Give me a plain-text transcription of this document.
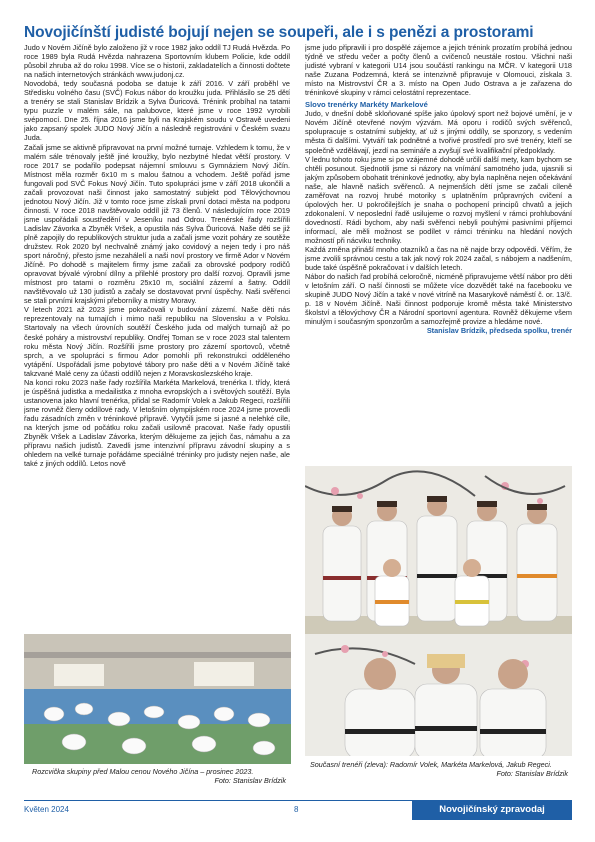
Novojičínští judisté bojují nejen se soupeři, ale i s penězi a prostorami

Judo v Novém Jičíně bylo založeno již v roce 1982 jako oddíl TJ Rudá Hvězda. Po roce 1989 byla Rudá Hvězda nahrazena Sportovním klubem Policie, kde oddíl působil zhruba až do roku 1998. Více se o historii, zakladatelích a činnosti dočtete na našich internetových stránkách www.judonj.cz.

Novodobá, tedy současná podoba se datuje k září 2016. V září proběhl ve Středisku volného času (SVČ) Fokus nábor do kroužku juda. Přihlásilo se 25 dětí a trenéry se stali Stanislav Brídzik a Sylva Ďuricová. Trénink probíhal na tatami typu puzzle v malém sále, na palubovce, které jsme v roce 1992 vyrobili svépomocí. Dne 25. října 2016 jsme byli na Krajském soudu v Ostravě uvedeni jako zapsaný spolek JUDO Nový Jičín a následně registrováni v Českém svazu Juda.

Začali jsme se aktivně připravovat na první možné turnaje. Vzhledem k tomu, že v malém sále trénovaly ještě jiné kroužky, bylo nezbytné hledat větší prostory. V roce 2017 se podařilo podepsat nájemní smlouvu s Gymnáziem Nový Jičín. Místnost měla rozměr 6x10 m s malou šatnou a vchodem. Ještě pořád jsme fungovali pod SVČ Fokus Nový Jičín. Tuto spolupráci jsme v září 2018 ukončili a začali provozovat naši činnost jako samostatný subjekt pod Tělovýchovnou jednotou Nový Jičín. Již v tomto roce jsme získali první dotaci města na podporu činnosti. V roce 2018 navštěvovalo oddíl již 73 členů. V následujícím roce 2019 jsme uspořádali soustředění v Jeseníku nad Odrou. Trenérské řady rozšířili Ladislav Závorka a Zbyněk Vršek, a opustila nás Sylva Ďuricová. Naše děti se již plně zapojily do republikových struktur juda a začali jsme vozit poháry ze soutěže družstev. Rok 2020 byl nechvalně známý jako covidový a nejen tedy i pro náš sport náročný, přesto jsme nezahálelí a naši noví prostory ve firmě Ador v Novém Jičíně. Po dohodě s majitelem firmy jsme začali za obrovské podpory rodičů opravovat bývalé výrobní dílny a přilehlé prostory pro další rozvoj. Opravili jsme místnost pro tatami o rozměru 25x10 m, sociální zázemí a šatny. Oddíl navštěvovalo už 130 judistů a začaly se dostavovat první úspěchy. Naši svěřenci se stali prvními krajskými přeborníky a mistry Moravy.

V letech 2021 až 2023 jsme pokračovali v budování zázemí. Naše děti nás reprezentovaly na turnajích i mimo naši republiku na Slovensku a v Polsku. Startovaly na všech úrovních soutěží Českého juda od malých turnajů až po české poháry a mistrovství republiky. Ondřej Toman se v roce 2023 stal talentem roku města Nový Jičín. Rozšířili jsme prostory pro zázemí sportovců, včetně sprch, a ve spolupráci s firmou Ador pomohli při rekonstrukci odděleného vytápění. Uspořádali jsme pobytové tábory pro naše děti a v Novém Jičíně také takzvané Malé ceny za účasti oddílů nejen z Moravskoslezského kraje.

Na konci roku 2023 naše řady rozšířila Markéta Markelová, trenérka I. třídy, která je úspěšná judistka a medailistka z mnoha evropských a i světových soutěží. Byla ustanovena jako hlavní trenérka, přidal se Radomír Volek a Jakub Regeci, rozšířili jsme rovněž členy oddílové rady. V letošním olympijském roce 2024 jsme provedli řadu zásadních změn v tréninkové přípravě. Vytyčili jsme si jasné a nelehké cíle, na kterých jsme od počátku roku začali usilovně pracovat. Naše řady opustili Zbyněk Vršek a Ladislav Závorka, kterým děkujeme za jejich čas, námahu a za přípravu našich judistů. Zavedli jsme intenzivní přípravu závodní skupiny a s ohledem na velké turnaje pořádáme speciálné tréninky pro judisty nejen naše, ale také z jiných oddílů. Letos nově

jsme judo připravili i pro dospělé zájemce a jejich trénink prozatím probíhá jednou týdně ve středu večer a počty členů a cvičenců neustále rostou. Všichni naši judisté vybraní v kategorii U14 jsou součástí rankingu na MČR. V kategorii U18 naše Zuzana Podzemná, která se intenzivně připravuje v Olomouci, získala 3. místo na Mistrovství ČR a 3. místo na Open Judo Ostrava a je zařazena do tréninkové skupiny v rámci celostátní reprezentace.

Slovo trenérky Markéty Markelové

Judo, v dnešní době skloňované spíše jako úpolový sport než bojové umění, je v Novém Jičíně otevřené novým výzvám. Má oporu i rodičů svých svěřenců, spolupracuje s ostatními subjekty, ať už s jinými oddíly, se sponzory, s vedením města či dalšími. Vytváří tak podnětné a tvořivé prostředí pro své trenéry, kteří se společně vzdělávají, jezdí na semináře a zvyšují své kvalifikační předpoklady.

V lednu tohoto roku jsme si po vzájemné dohodě určili další mety, kam bychom se chtěli posunout. Sjednotili jsme si názory na vnímání samotného juda, ujasnili si jakým způsobem obohatit tréninkové jednotky, aby byla naplněna nejen očekávání naše, ale hlavně našich svěřenců. A nejmenších dětí jsme se začali cíleně zaměřovat na rozvoj hrubé motoriky s uplatněním průpravných cvičení a úpolových her. U pokročilejších je snaha o pochopení principů chvatů a jejich zdokonalení. V neposlední řadě usilujeme o rozvoj myšlení v rámci prohlubování dovedností. Rádi bychom, aby naši svěřenci nebyli pouhými pasivními příjemci informací, ale měli možnost se podílet v rámci tréninku na hledání nových možností při nácviku techniky.

Každá změna přináší mnoho otazníků a čas na ně najde brzy odpovědi. Věřím, že jsme zvolili správnou cestu a tak jak nový rok 2024 začal, s nábojem a nadšením, bude také úspěšně pokračovat i v dalších letech.

Nábor do našich řad probíhá celoročně, nicméně připravujeme větší nábor pro děti v letošním září. O naší činnosti se můžete více dozvědět také na facebooku ve skupině JUDO Nový Jičín a také v nové vitríně na Masarykově náměstí č. or. 13/č. p. 18 v Novém Jičíně. Naši činnost podporuje kromě města také Ministerstvo školství a tělovýchovy ČR a Národní sportovní agentura. Rovněž děkujeme všem minulým i současným sponzorům a samozřejmě provize a hledáme nové.

Stanislav Brídzik, předseda spolku, trenér

Rozcvička skupiny před Malou cenou Nového Jičína – prosinec 2023.
Foto: Stanislav Brídzik
Současní trenéři (zleva): Radomír Volek, Markéta Markelová, Jakub Regeci.
Foto: Stanislav Brídzik
Květen 2024	8	Novojičínský zpravodaj
